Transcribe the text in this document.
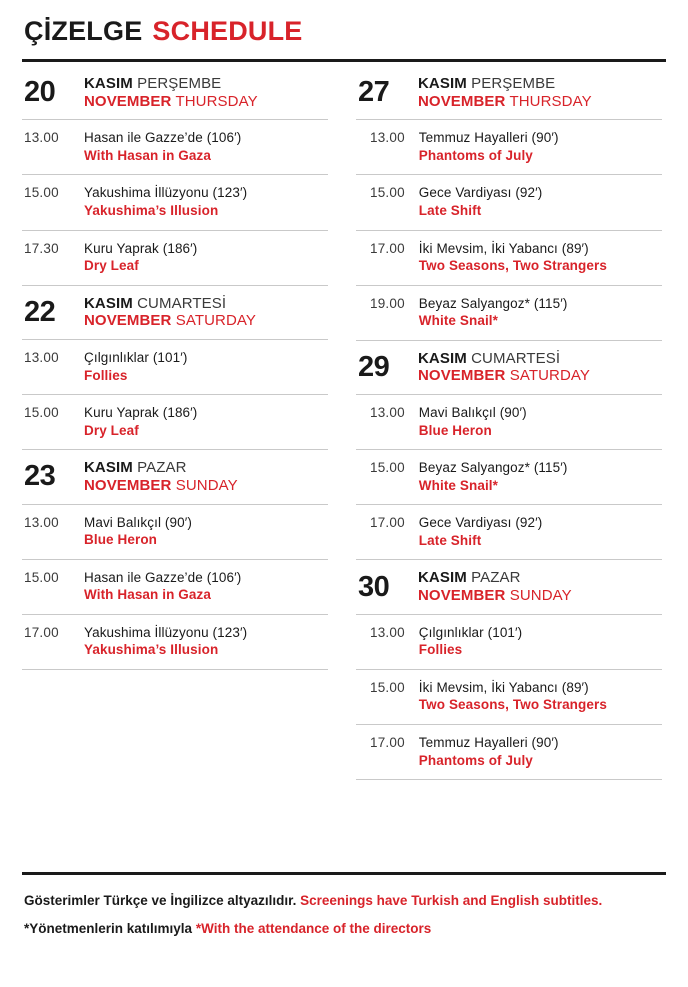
ÇİZELGE SCHEDULE
20	KASIM PERŞEMBE
NOVEMBER THURSDAY
13.00	Hasan ile Gazze’de (106′)
With Hasan in Gaza
15.00	Yakushima İllüzyonu (123′)
Yakushima’s Illusion
17.30	Kuru Yaprak (186′)
Dry Leaf
22	KASIM CUMARTESİ
NOVEMBER SATURDAY
13.00	Çılgınlıklar (101′)
Follies
15.00	Kuru Yaprak (186′)
Dry Leaf
23	KASIM PAZAR
NOVEMBER SUNDAY
13.00	Mavi Balıkçıl (90′)
Blue Heron
15.00	Hasan ile Gazze’de (106′)
With Hasan in Gaza
17.00	Yakushima İllüzyonu (123′)
Yakushima’s Illusion
27	KASIM PERŞEMBE
NOVEMBER THURSDAY
13.00 Temmuz Hayalleri (90′)
Phantoms of July
15.00 Gece Vardiyası (92′)
Late Shift
17.00 İki Mevsim, İki Yabancı (89′)
Two Seasons, Two Strangers
19.00 Beyaz Salyangoz* (115′)
White Snail*
29	KASIM CUMARTESİ
NOVEMBER SATURDAY
13.00 Mavi Balıkçıl (90′)
Blue Heron
15.00 Beyaz Salyangoz* (115′)
White Snail*
17.00 Gece Vardiyası (92′)
Late Shift
30	KASIM PAZAR
NOVEMBER SUNDAY
13.00 Çılgınlıklar (101′)
Follies
15.00 İki Mevsim, İki Yabancı (89′)
Two Seasons, Two Strangers
17.00 Temmuz Hayalleri (90′)
Phantoms of July
Gösterimler Türkçe ve İngilizce altyazılıdır. Screenings have Turkish and English subtitles.
*Yönetmenlerin katılımıyla *With the attendance of the directors
